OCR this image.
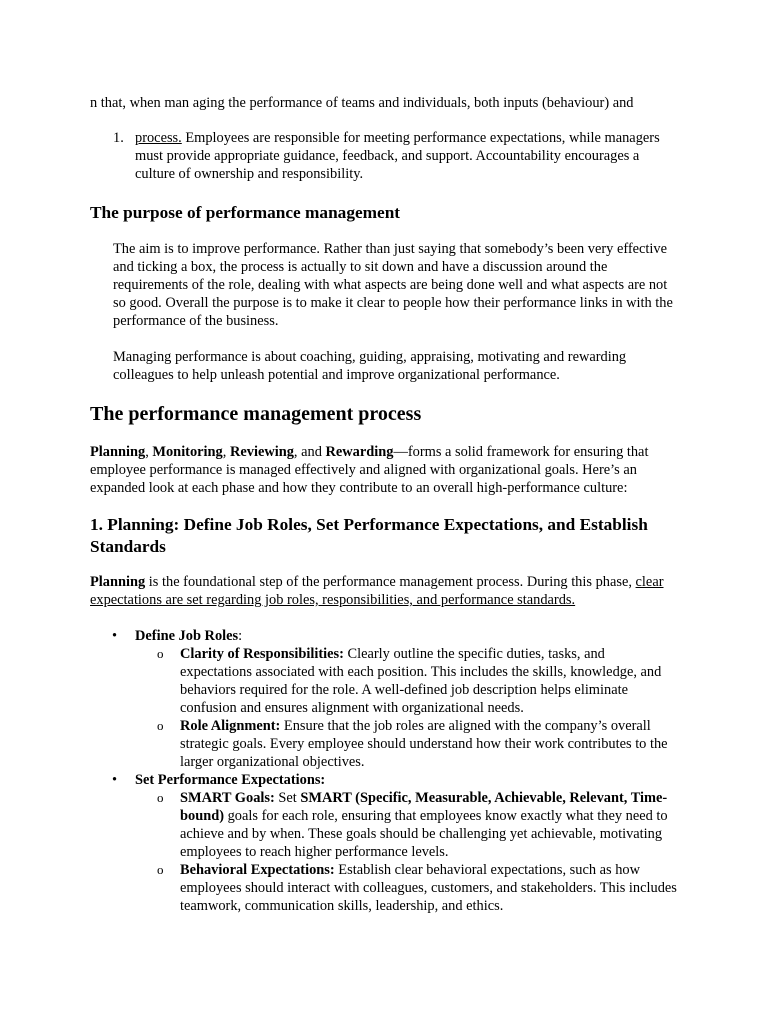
n that, when man aging the performance of teams and individuals, both inputs (behaviour) and

1. process. Employees are responsible for meeting performance expectations, while managers must provide appropriate guidance, feedback, and support. Accountability encourages a culture of ownership and responsibility.

The purpose of performance management

The aim is to improve performance. Rather than just saying that somebody’s been very effective and ticking a box, the process is actually to sit down and have a discussion around the requirements of the role, dealing with what aspects are being done well and what aspects are not so good. Overall the purpose is to make it clear to people how their performance links in with the performance of the business.

Managing performance is about coaching, guiding, appraising, motivating and rewarding colleagues to help unleash potential and improve organizational performance.

The performance management process

Planning, Monitoring, Reviewing, and Rewarding—forms a solid framework for ensuring that employee performance is managed effectively and aligned with organizational goals. Here’s an expanded look at each phase and how they contribute to an overall high-performance culture:

1. Planning: Define Job Roles, Set Performance Expectations, and Establish Standards

Planning is the foundational step of the performance management process. During this phase, clear expectations are set regarding job roles, responsibilities, and performance standards.

• Define Job Roles:

o Clarity of Responsibilities: Clearly outline the specific duties, tasks, and expectations associated with each position. This includes the skills, knowledge, and behaviors required for the role. A well-defined job description helps eliminate confusion and ensures alignment with organizational needs.

o Role Alignment: Ensure that the job roles are aligned with the company’s overall strategic goals. Every employee should understand how their work contributes to the larger organizational objectives.

• Set Performance Expectations:

o SMART Goals: Set SMART (Specific, Measurable, Achievable, Relevant, Time-bound) goals for each role, ensuring that employees know exactly what they need to achieve and by when. These goals should be challenging yet achievable, motivating employees to reach higher performance levels.

o Behavioral Expectations: Establish clear behavioral expectations, such as how employees should interact with colleagues, customers, and stakeholders. This includes teamwork, communication skills, leadership, and ethics.
